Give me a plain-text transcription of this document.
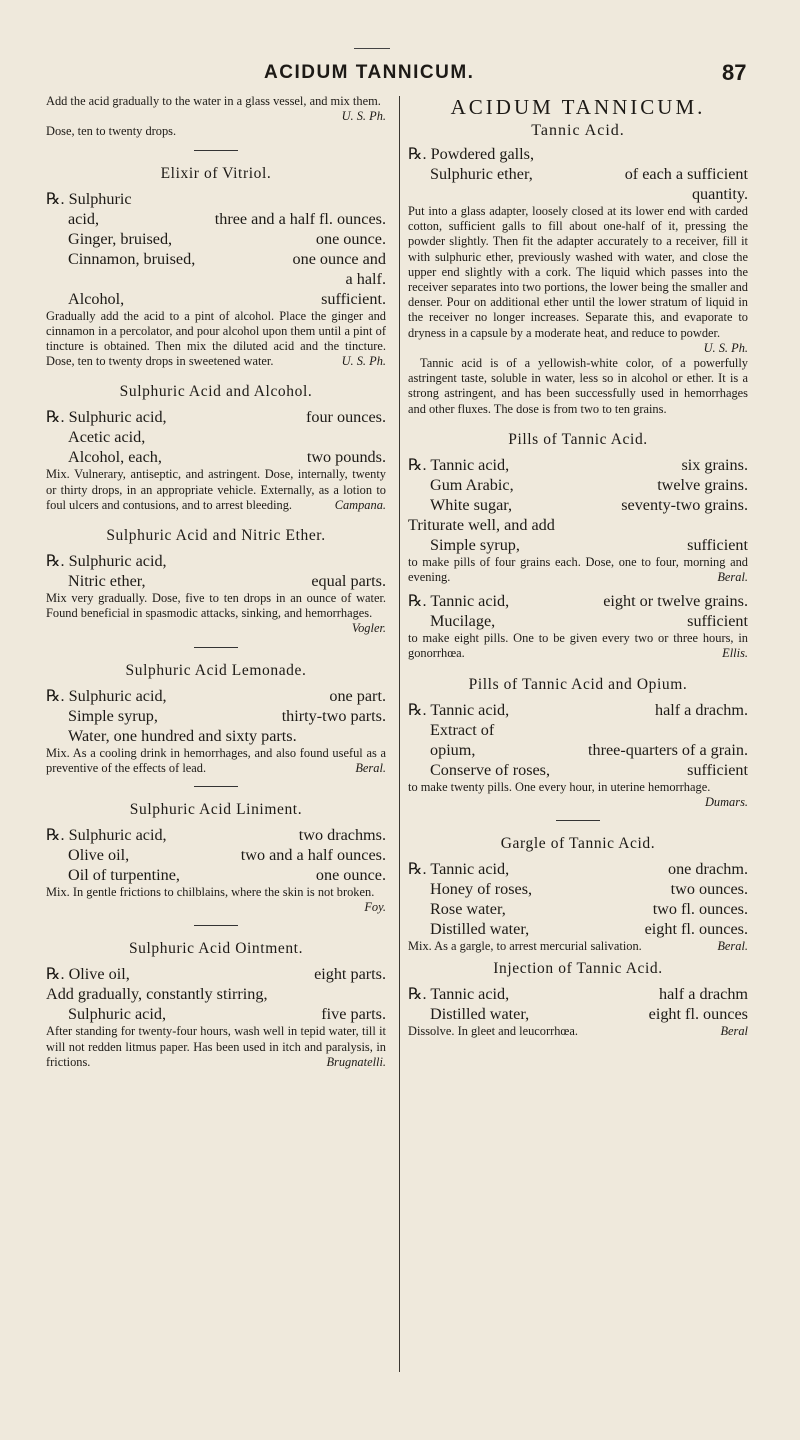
ACIDUM TANNICUM.	87

Add the acid gradually to the water in a glass vessel, and mix them.
U. S. Ph.

Dose, ten to twenty drops.

Elixir of Vitriol.
℞. Sulphuric
acid,	three and a half fl. ounces.
Ginger, bruised,	one ounce.
Cinnamon, bruised,	one ounce and
a half.
Alcohol,	sufficient.

Gradually add the acid to a pint of alcohol. Place the ginger and cinnamon in a percolator, and pour alcohol upon them until a pint of tincture is obtained. Then mix the diluted acid and the tincture. Dose, ten to twenty drops in sweetened water.	U. S. Ph.

Sulphuric Acid and Alcohol.
℞. Sulphuric acid,	four ounces.
Acetic acid,
Alcohol, each,	two pounds.

Mix. Vulnerary, antiseptic, and astringent. Dose, internally, twenty or thirty drops, in an appropriate vehicle. Externally, as a lotion to foul ulcers and contusions, and to arrest bleeding.	Campana.

Sulphuric Acid and Nitric Ether.
℞. Sulphuric acid,
Nitric ether,	equal parts.

Mix very gradually. Dose, five to ten drops in an ounce of water. Found beneficial in spasmodic attacks, sinking, and hemorrhages.
Vogler.

Sulphuric Acid Lemonade.
℞. Sulphuric acid,	one part.
Simple syrup,	thirty-two parts.
Water, one hundred and sixty parts.

Mix. As a cooling drink in hemorrhages, and also found useful as a preventive of the effects of lead.	Beral.

Sulphuric Acid Liniment.
℞. Sulphuric acid,	two drachms.
Olive oil,	two and a half ounces.
Oil of turpentine,	one ounce.

Mix. In gentle frictions to chilblains, where the skin is not broken.
Foy.

Sulphuric Acid Ointment.
℞. Olive oil,	eight parts.
Add gradually, constantly stirring,
Sulphuric acid,	five parts.

After standing for twenty-four hours, wash well in tepid water, till it will not redden litmus paper. Has been used in itch and paralysis, in frictions.	Brugnatelli.

ACIDUM TANNICUM.
Tannic Acid.
℞. Powdered galls,
Sulphuric ether,	of each a sufficient
quantity.

Put into a glass adapter, loosely closed at its lower end with carded cotton, sufficient galls to fill about one-half of it, pressing the powder slightly. Then fit the adapter accurately to a receiver, fill it with sulphuric ether, previously washed with water, and close the upper end slightly with a cork. The liquid which passes into the receiver separates into two portions, the lower being the smaller and denser. Pour on additional ether until the lower stratum of liquid in the receiver no longer increases. Separate this, and evaporate to dryness in a capsule by a moderate heat, and reduce to powder.
U. S. Ph.

Tannic acid is of a yellowish-white color, of a powerfully astringent taste, soluble in water, less so in alcohol or ether. It is a strong astringent, and has been successfully used in hemorrhages and other fluxes. The dose is from two to ten grains.

Pills of Tannic Acid.
℞. Tannic acid,	six grains.
Gum Arabic,	twelve grains.
White sugar,	seventy-two grains.
Triturate well, and add
Simple syrup,	sufficient

to make pills of four grains each. Dose, one to four, morning and evening.	Beral.

℞. Tannic acid,	eight or twelve grains.
Mucilage,	sufficient

to make eight pills. One to be given every two or three hours, in gonorrhœa.	Ellis.

Pills of Tannic Acid and Opium.
℞. Tannic acid,	half a drachm.
Extract of
opium,	three-quarters of a grain.
Conserve of roses,	sufficient

to make twenty pills. One every hour, in uterine hemorrhage.
Dumars.

Gargle of Tannic Acid.
℞. Tannic acid,	one drachm.
Honey of roses,	two ounces.
Rose water,	two fl. ounces.
Distilled water,	eight fl. ounces.

Mix. As a gargle, to arrest mercurial salivation.	Beral.

Injection of Tannic Acid.
℞. Tannic acid,	half a drachm
Distilled water,	eight fl. ounces

Dissolve. In gleet and leucorrhœa.	Beral
